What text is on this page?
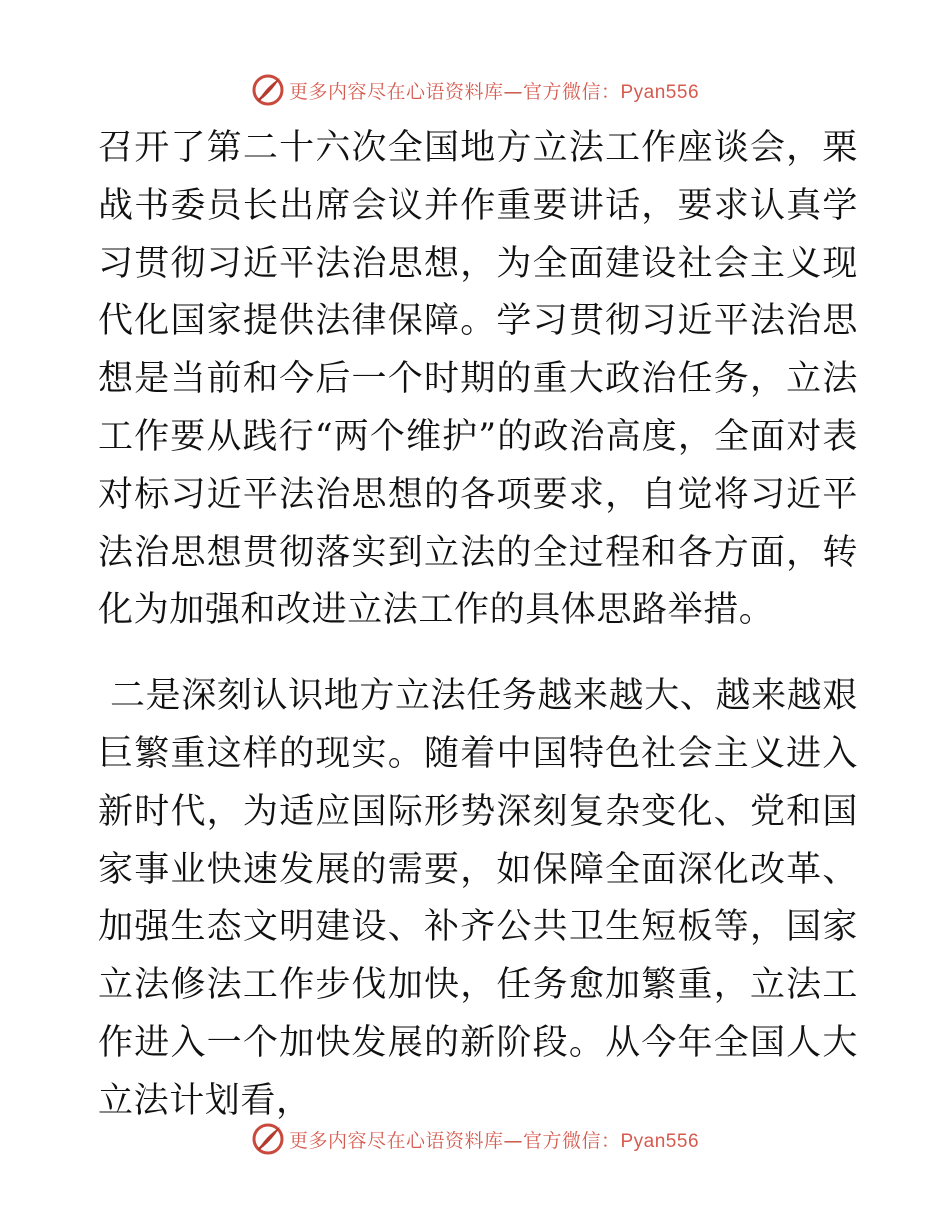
更多内容尽在心语资料库—官方微信：Pyan556

召开了第二十六次全国地方立法工作座谈会，栗战书委员长出席会议并作重要讲话，要求认真学习贯彻习近平法治思想，为全面建设社会主义现代化国家提供法律保障。学习贯彻习近平法治思想是当前和今后一个时期的重大政治任务，立法工作要从践行“两个维护”的政治高度，全面对表对标习近平法治思想的各项要求，自觉将习近平法治思想贯彻落实到立法的全过程和各方面，转化为加强和改进立法工作的具体思路举措。

二是深刻认识地方立法任务越来越大、越来越艰巨繁重这样的现实。随着中国特色社会主义进入新时代，为适应国际形势深刻复杂变化、党和国家事业快速发展的需要，如保障全面深化改革、加强生态文明建设、补齐公共卫生短板等，国家立法修法工作步伐加快，任务愈加繁重，立法工作进入一个加快发展的新阶段。从今年全国人大立法计划看，

更多内容尽在心语资料库—官方微信：Pyan556
